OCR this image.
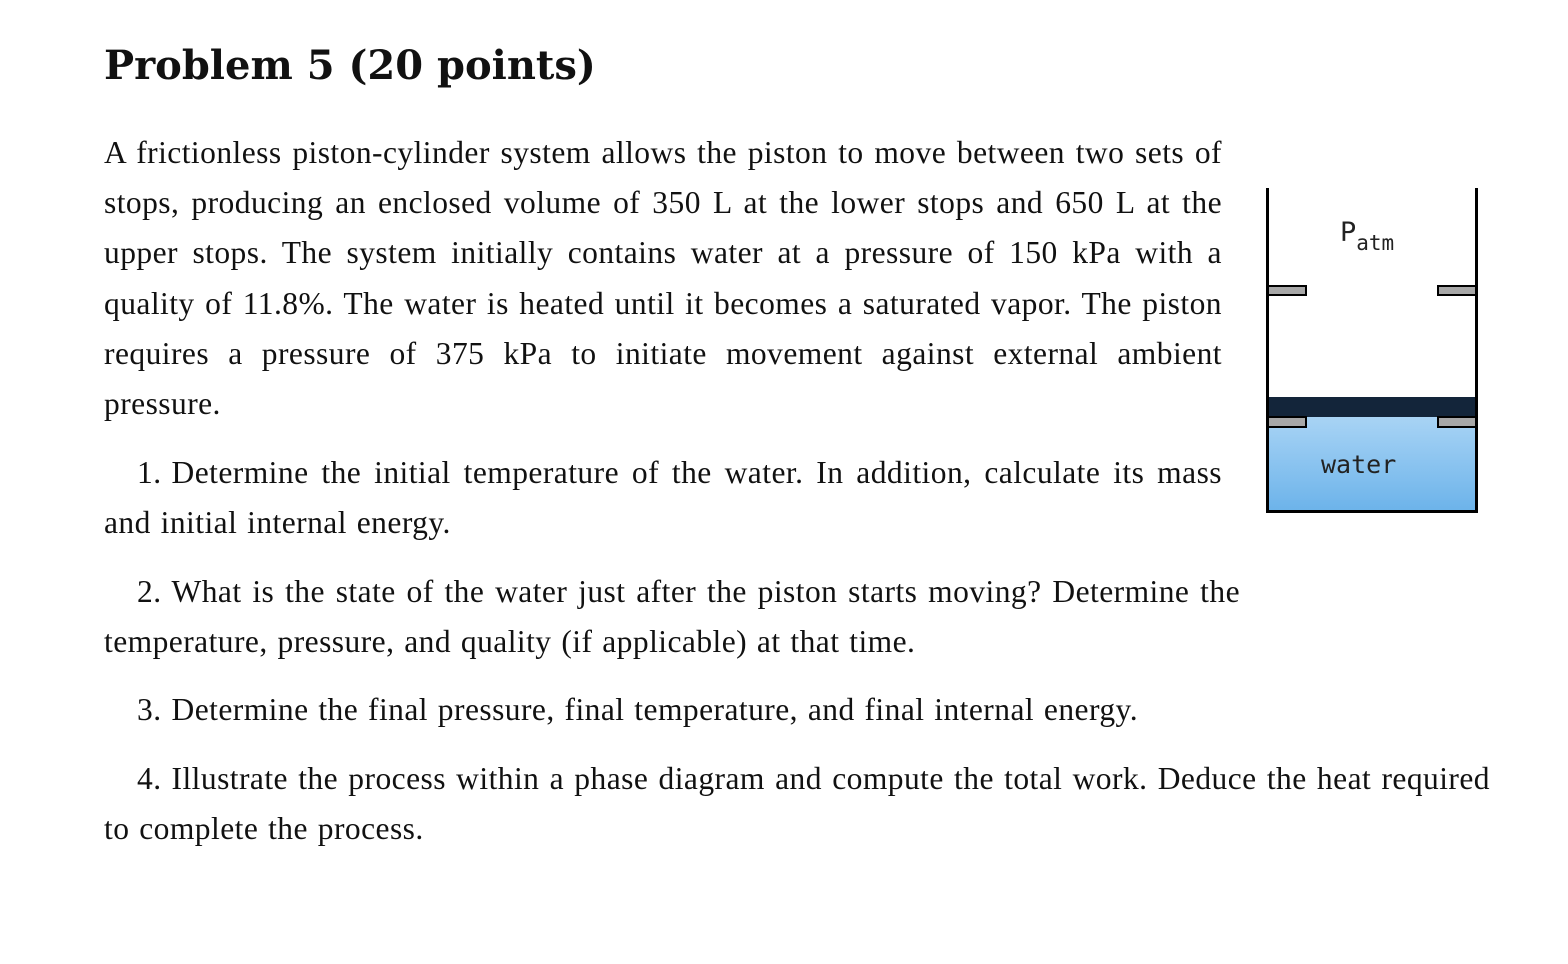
Problem 5 (20 points)

A frictionless piston-cylinder system allows the piston to move between two sets of stops, producing an enclosed volume of 350 L at the lower stops and 650 L at the upper stops. The system initially contains water at a pressure of 150 kPa with a quality of 11.8%. The water is heated until it becomes a saturated vapor. The piston requires a pressure of 375 kPa to initiate movement against external ambient pressure.

1. Determine the initial temperature of the water. In addition, calculate its mass and initial internal energy.

2. What is the state of the water just after the piston starts moving? Determine the temperature, pressure, and quality (if applicable) at that time.

3. Determine the final pressure, final temperature, and final internal energy.

4. Illustrate the process within a phase diagram and compute the total work. Deduce the heat required to complete the process.

$P_{atm}$
water
